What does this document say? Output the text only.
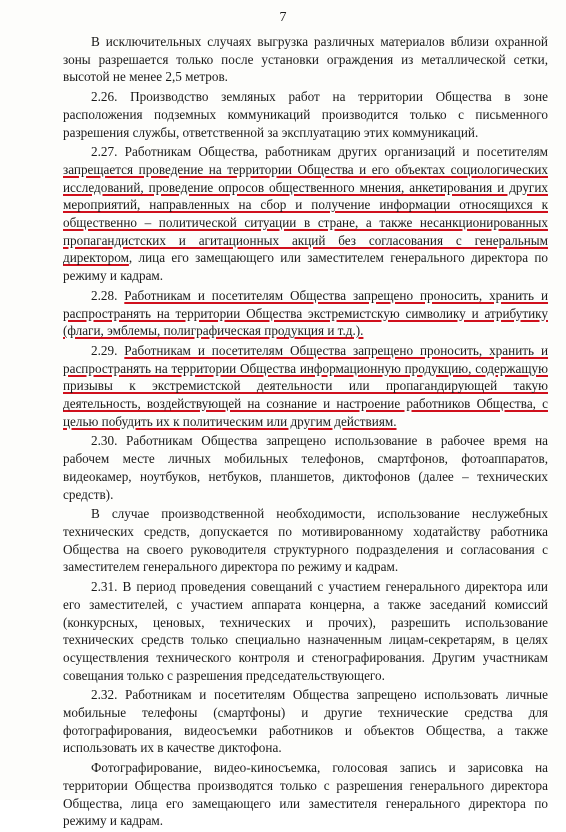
7

В исключительных случаях выгрузка различных материалов вблизи охранной зоны разрешается только после установки ограждения из металлической сетки, высотой не менее 2,5 метров.

2.26. Производство земляных работ на территории Общества в зоне расположения подземных коммуникаций производится только с письменного разрешения службы, ответственной за эксплуатацию этих коммуникаций.

2.27. Работникам Общества, работникам других организаций и посетителям запрещается проведение на территории Общества и его объектах социологических исследований, проведение опросов общественного мнения, анкетирования и других мероприятий, направленных на сбор и получение информации относящихся к общественно – политической ситуации в стране, а также несанкционированных пропагандистских и агитационных акций без согласования с генеральным директором, лица его замещающего или заместителем генерального директора по режиму и кадрам.

2.28. Работникам и посетителям Общества запрещено проносить, хранить и распространять на территории Общества экстремистскую символику и атрибутику (флаги, эмблемы, полиграфическая продукция и т.д.).

2.29. Работникам и посетителям Общества запрещено проносить, хранить и распространять на территории Общества информационную продукцию, содержащую призывы к экстремистской деятельности или пропагандирующей такую деятельность, воздействующей на сознание и настроение работников Общества, с целью побудить их к политическим или другим действиям.

2.30. Работникам Общества запрещено использование в рабочее время на рабочем месте личных мобильных телефонов, смартфонов, фотоаппаратов, видеокамер, ноутбуков, нетбуков, планшетов, диктофонов (далее – технических средств).

В случае производственной необходимости, использование неслужебных технических средств, допускается по мотивированному ходатайству работника Общества на своего руководителя структурного подразделения и согласования с заместителем генерального директора по режиму и кадрам.

2.31. В период проведения совещаний с участием генерального директора или его заместителей, с участием аппарата концерна, а также заседаний комиссий (конкурсных, ценовых, технических и прочих), разрешить использование технических средств только специально назначенным лицам-секретарям, в целях осуществления технического контроля и стенографирования. Другим участникам совещания только с разрешения председательствующего.

2.32. Работникам и посетителям Общества запрещено использовать личные мобильные телефоны (смартфоны) и другие технические средства для фотографирования, видеосъемки работников и объектов Общества, а также использовать их в качестве диктофона.

Фотографирование, видео-киносъемка, голосовая запись и зарисовка на территории Общества производятся только с разрешения генерального директора Общества, лица его замещающего или заместителя генерального директора по режиму и кадрам.
